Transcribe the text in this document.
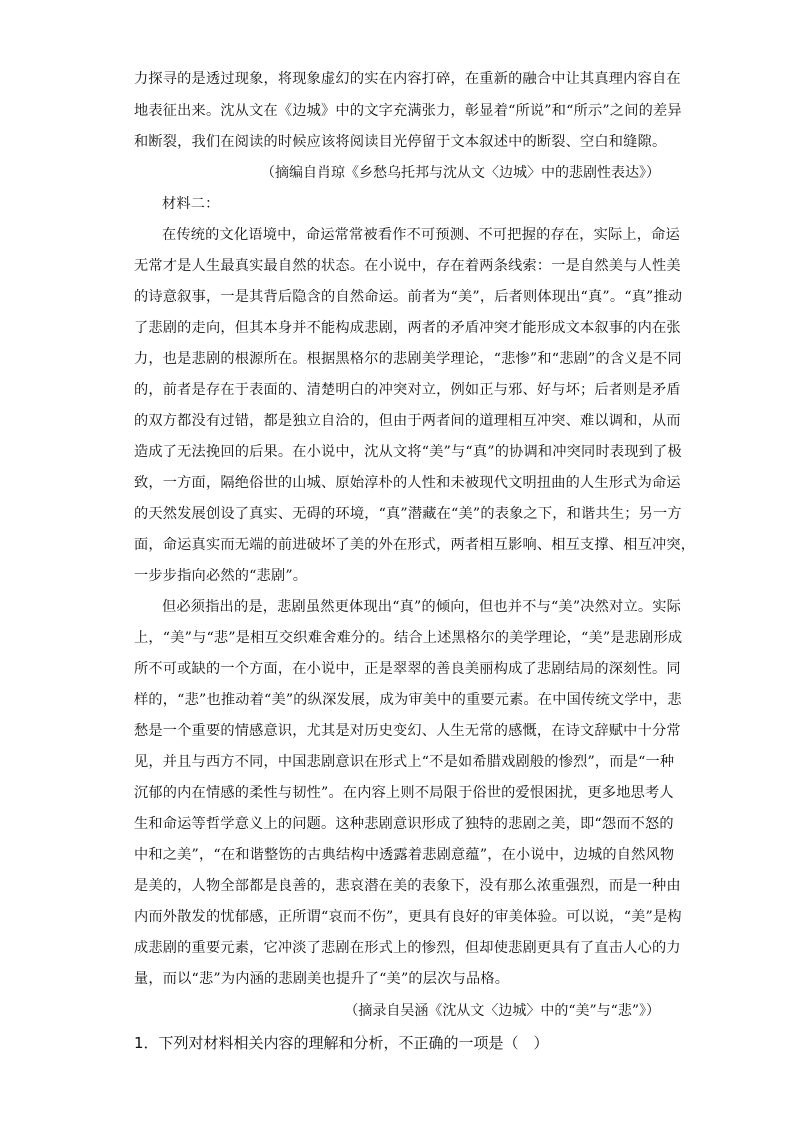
力探寻的是透过现象，将现象虚幻的实在内容打碎，在重新的融合中让其真理内容自在
地表征出来。沈从文在《边城》中的文字充满张力，彰显着“所说”和“所示”之间的差异
和断裂，我们在阅读的时候应该将阅读目光停留于文本叙述中的断裂、空白和缝隙。
（摘编自肖琼《乡愁乌托邦与沈从文〈边城〉中的悲剧性表达》）
材料二：
在传统的文化语境中，命运常常被看作不可预测、不可把握的存在，实际上，命运
无常才是人生最真实最自然的状态。在小说中，存在着两条线索：一是自然美与人性美
的诗意叙事，一是其背后隐含的自然命运。前者为“美”，后者则体现出“真”。“真”推动
了悲剧的走向，但其本身并不能构成悲剧，两者的矛盾冲突才能形成文本叙事的内在张
力，也是悲剧的根源所在。根据黑格尔的悲剧美学理论，“悲惨”和“悲剧”的含义是不同
的，前者是存在于表面的、清楚明白的冲突对立，例如正与邪、好与坏；后者则是矛盾
的双方都没有过错，都是独立自洽的，但由于两者间的道理相互冲突、难以调和，从而
造成了无法挽回的后果。在小说中，沈从文将“美”与“真”的协调和冲突同时表现到了极
致，一方面，隔绝俗世的山城、原始淳朴的人性和未被现代文明扭曲的人生形式为命运
的天然发展创设了真实、无碍的环境，“真”潜藏在“美”的表象之下，和谐共生；另一方
面，命运真实而无端的前进破坏了美的外在形式，两者相互影响、相互支撑、相互冲突，
一步步指向必然的“悲剧”。
但必须指出的是，悲剧虽然更体现出“真”的倾向，但也并不与“美”决然对立。实际
上，“美”与“悲”是相互交织难舍难分的。结合上述黑格尔的美学理论，“美”是悲剧形成
所不可或缺的一个方面，在小说中，正是翠翠的善良美丽构成了悲剧结局的深刻性。同
样的，“悲”也推动着“美”的纵深发展，成为审美中的重要元素。在中国传统文学中，悲
愁是一个重要的情感意识，尤其是对历史变幻、人生无常的感慨，在诗文辞赋中十分常
见，并且与西方不同，中国悲剧意识在形式上“不是如希腊戏剧般的惨烈”，而是“一种
沉郁的内在情感的柔性与韧性”。在内容上则不局限于俗世的爱恨困扰，更多地思考人
生和命运等哲学意义上的问题。这种悲剧意识形成了独特的悲剧之美，即“怨而不怒的
中和之美”，“在和谐整饬的古典结构中透露着悲剧意蕴”，在小说中，边城的自然风物
是美的，人物全部都是良善的，悲哀潜在美的表象下，没有那么浓重强烈，而是一种由
内而外散发的忧郁感，正所谓“哀而不伤”，更具有良好的审美体验。可以说，“美”是构
成悲剧的重要元素，它冲淡了悲剧在形式上的惨烈，但却使悲剧更具有了直击人心的力
量，而以“悲”为内涵的悲剧美也提升了“美”的层次与品格。
（摘录自吴涵《沈从文〈边城〉中的“美”与“悲”》）
1．下列对材料相关内容的理解和分析，不正确的一项是（　）
